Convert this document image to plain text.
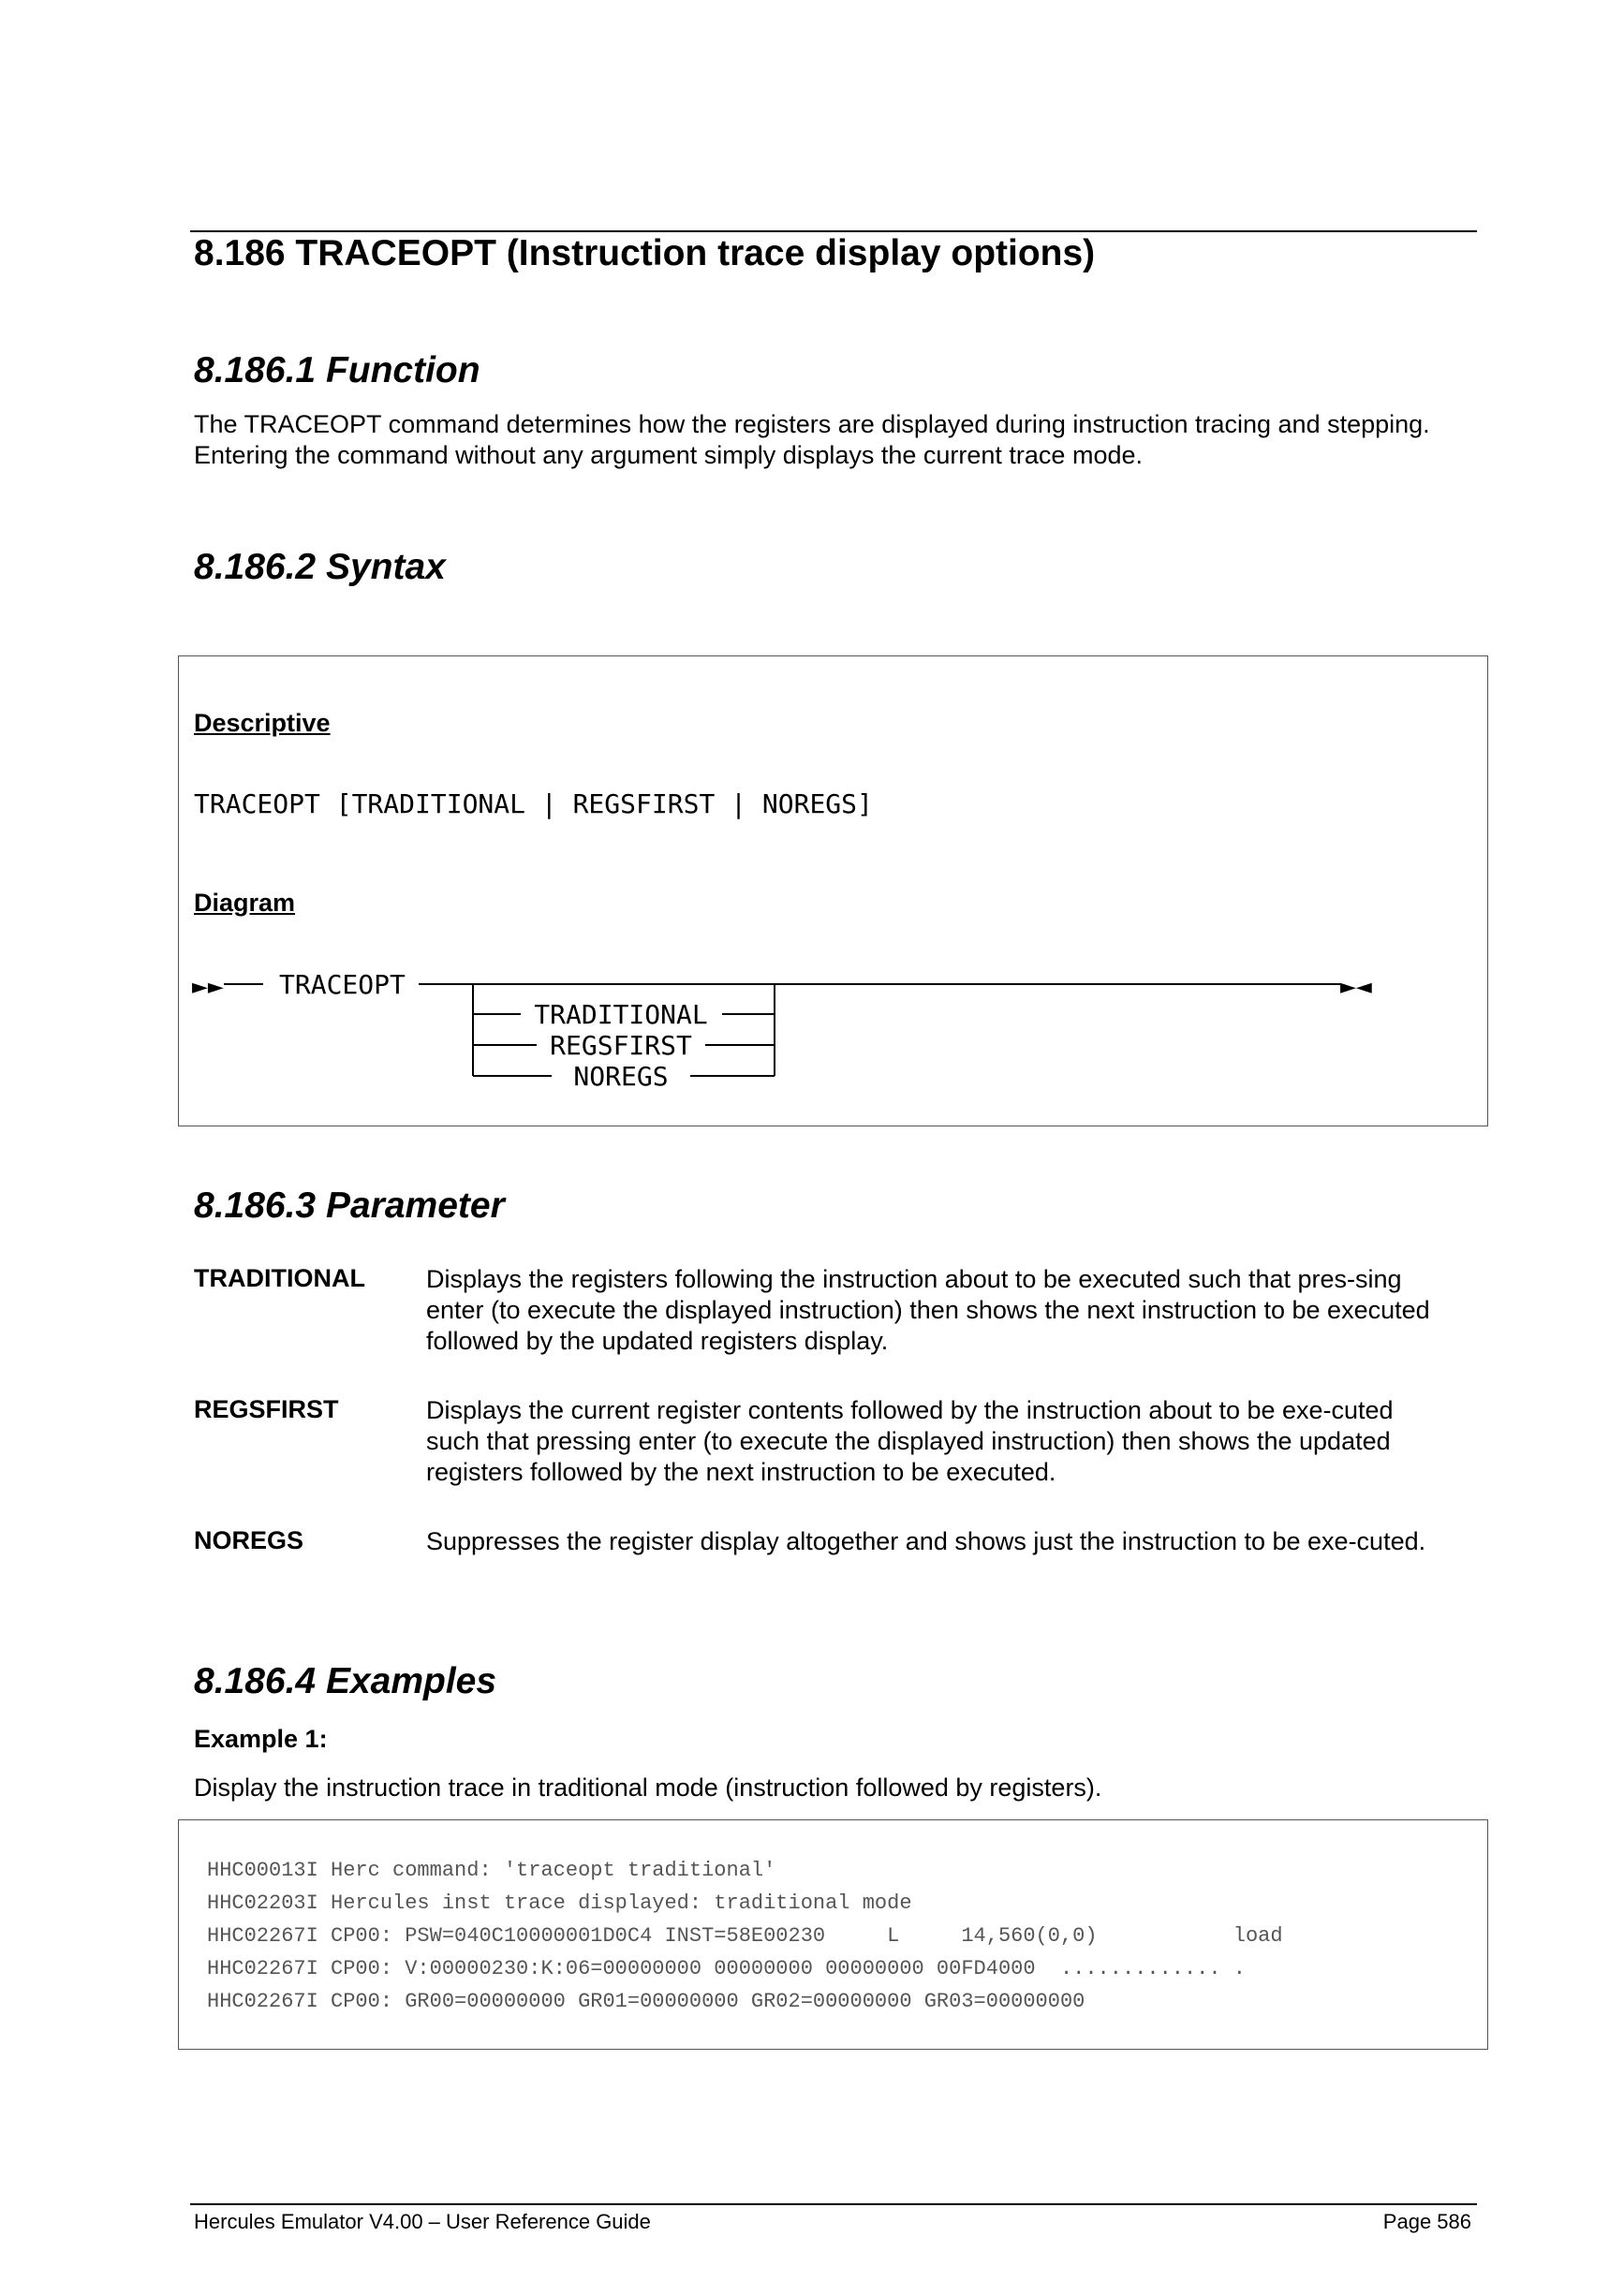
8.186 TRACEOPT (Instruction trace display options)
8.186.1 Function
The TRACEOPT command determines how the registers are displayed during instruction tracing and stepping. Entering the command without any argument simply displays the current trace mode.
8.186.2 Syntax
Descriptive
TRACEOPT [TRADITIONAL | REGSFIRST | NOREGS]
Diagram
►► TRACEOPT	►◄
TRADITIONAL
REGSFIRST
NOREGS
8.186.3 Parameter
TRADITIONAL Displays the registers following the instruction about to be executed such that pres-sing enter (to execute the displayed instruction) then shows the next instruction to be executed followed by the updated registers display.
REGSFIRST	Displays the current register contents followed by the instruction about to be exe-cuted such that pressing enter (to execute the displayed instruction) then shows the updated registers followed by the next instruction to be executed.
NOREGS	Suppresses the register display altogether and shows just the instruction to be exe-cuted.
8.186.4 Examples
Example 1:
Display the instruction trace in traditional mode (instruction followed by registers).
HHC00013I Herc command: 'traceopt traditional'
HHC02203I Hercules inst trace displayed: traditional mode
HHC02267I CP00: PSW=040C10000001D0C4 INST=58E00230     L     14,560(0,0)           load
HHC02267I CP00: V:00000230:K:06=00000000 00000000 00000000 00FD4000  ............. .
HHC02267I CP00: GR00=00000000 GR01=00000000 GR02=00000000 GR03=00000000
Hercules Emulator V4.00 – User Reference Guide	Page 586
